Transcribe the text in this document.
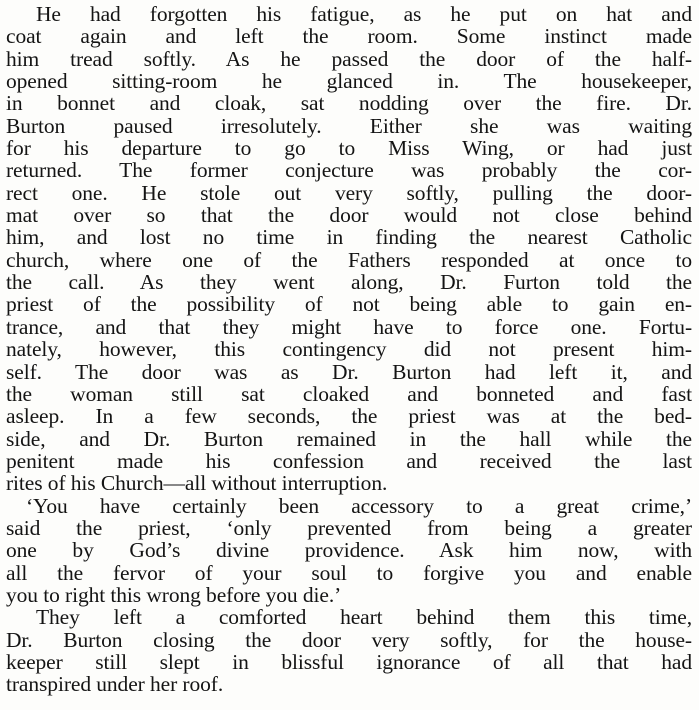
He had forgotten his fatigue, as he put on hat and
coat again and left the room. Some instinct made
him tread softly. As he passed the door of the half-
opened sitting-room he glanced in. The housekeeper,
in bonnet and cloak, sat nodding over the fire. Dr.
Burton paused irresolutely. Either she was waiting
for his departure to go to Miss Wing, or had just
returned. The former conjecture was probably the cor-
rect one. He stole out very softly, pulling the door-
mat over so that the door would not close behind
him, and lost no time in finding the nearest Catholic
church, where one of the Fathers responded at once to
the call. As they went along, Dr. Furton told the
priest of the possibility of not being able to gain en-
trance, and that they might have to force one. Fortu-
nately, however, this contingency did not present him-
self. The door was as Dr. Burton had left it, and
the woman still sat cloaked and bonneted and fast
asleep. In a few seconds, the priest was at the bed-
side, and Dr. Burton remained in the hall while the
penitent made his confession and received the last
rites of his Church—all without interruption.
‘You have certainly been accessory to a great crime,’
said the priest, ‘only prevented from being a greater
one by God’s divine providence. Ask him now, with
all the fervor of your soul to forgive you and enable
you to right this wrong before you die.’
They left a comforted heart behind them this time,
Dr. Burton closing the door very softly, for the house-
keeper still slept in blissful ignorance of all that had
transpired under her roof.
